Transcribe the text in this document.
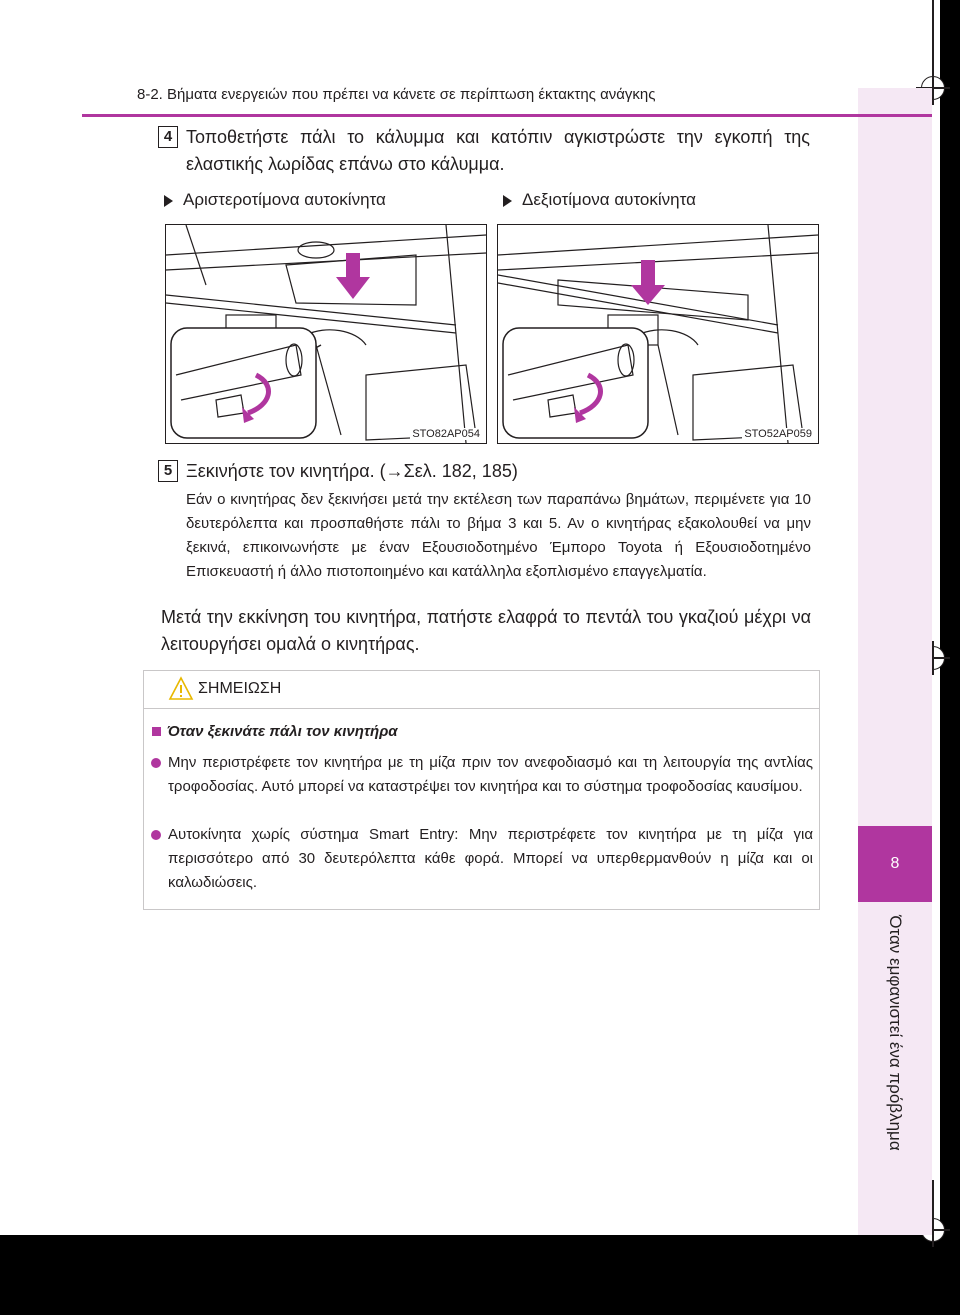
8
Όταν εμφανιστεί ένα πρόβλημα
8-2. Βήματα ενεργειών που πρέπει να κάνετε σε περίπτωση έκτακτης ανάγκης
4 Τοποθετήστε πάλι το κάλυμμα και κατόπιν αγκιστρώστε την εγκοπή της ελαστικής λωρίδας επάνω στο κάλυμμα.
Αριστεροτίμονα αυτοκίνητα	Δεξιοτίμονα αυτοκίνητα
STO82AP054	STO52AP059
5 Ξεκινήστε τον κινητήρα. (→Σελ. 182, 185)
Εάν ο κινητήρας δεν ξεκινήσει μετά την εκτέλεση των παραπάνω βημάτων, περιμένετε για 10 δευτερόλεπτα και προσπαθήστε πάλι το βήμα 3 και 5. Αν ο κινητήρας εξακολουθεί να μην ξεκινά, επικοινωνήστε με έναν Εξουσιοδοτημένο Έμπορο Toyota ή Εξουσιοδοτημένο Επισκευαστή ή άλλο πιστοποιημένο και κατάλληλα εξοπλισμένο επαγγελματία.
Μετά την εκκίνηση του κινητήρα, πατήστε ελαφρά το πεντάλ του γκαζιού μέχρι να λειτουργήσει ομαλά ο κινητήρας.
ΣΗΜΕΙΩΣΗ
Όταν ξεκινάτε πάλι τον κινητήρα
Μην περιστρέφετε τον κινητήρα με τη μίζα πριν τον ανεφοδιασμό και τη λειτουργία της αντλίας τροφοδοσίας. Αυτό μπορεί να καταστρέψει τον κινητήρα και το σύστημα τροφοδοσίας καυσίμου.
Αυτοκίνητα χωρίς σύστημα Smart Entry: Μην περιστρέφετε τον κινητήρα με τη μίζα για περισσότερο από 30 δευτερόλεπτα κάθε φορά. Μπορεί να υπερθερμανθούν η μίζα και οι καλωδιώσεις.
